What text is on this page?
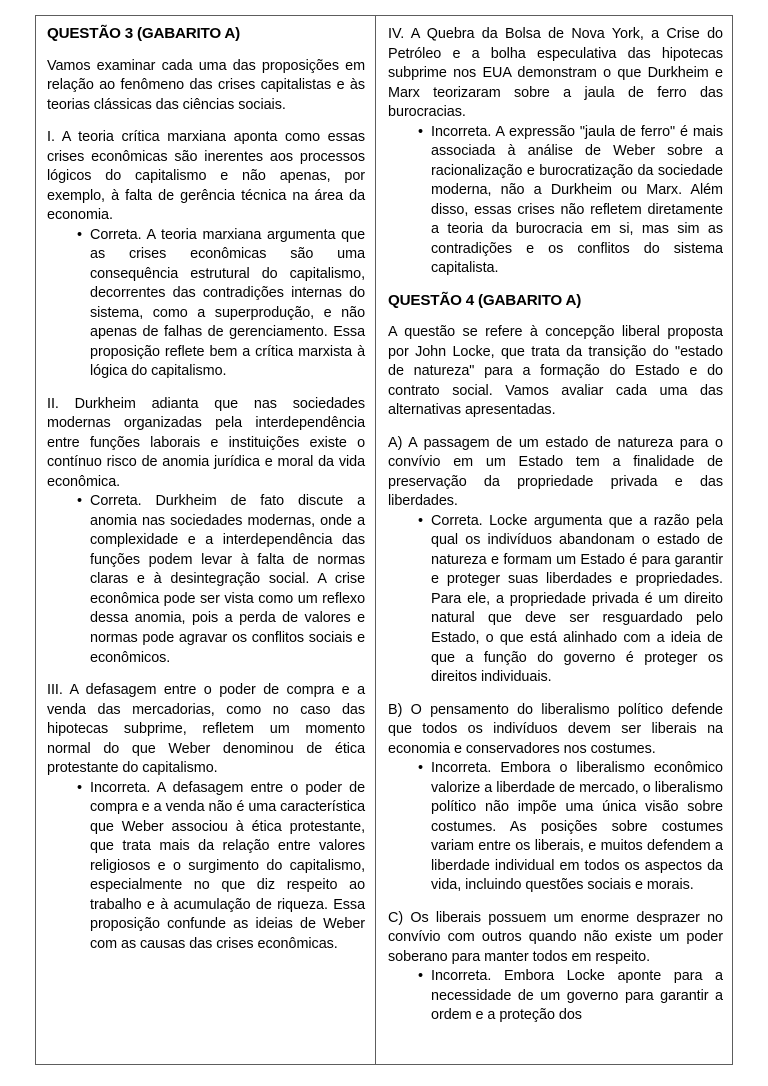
QUESTÃO 3 (GABARITO A)

Vamos examinar cada uma das proposições em relação ao fenômeno das crises capitalistas e às teorias clássicas das ciências sociais.

I. A teoria crítica marxiana aponta como essas crises econômicas são inerentes aos processos lógicos do capitalismo e não apenas, por exemplo, à falta de gerência técnica na área da economia.

• Correta. A teoria marxiana argumenta que as crises econômicas são uma consequência estrutural do capitalismo, decorrentes das contradições internas do sistema, como a superprodução, e não apenas de falhas de gerenciamento. Essa proposição reflete bem a crítica marxista à lógica do capitalismo.

II. Durkheim adianta que nas sociedades modernas organizadas pela interdependência entre funções laborais e instituições existe o contínuo risco de anomia jurídica e moral da vida econômica.

• Correta. Durkheim de fato discute a anomia nas sociedades modernas, onde a complexidade e a interdependência das funções podem levar à falta de normas claras e à desintegração social. A crise econômica pode ser vista como um reflexo dessa anomia, pois a perda de valores e normas pode agravar os conflitos sociais e econômicos.

III. A defasagem entre o poder de compra e a venda das mercadorias, como no caso das hipotecas subprime, refletem um momento normal do que Weber denominou de ética protestante do capitalismo.

• Incorreta. A defasagem entre o poder de compra e a venda não é uma característica que Weber associou à ética protestante, que trata mais da relação entre valores religiosos e o surgimento do capitalismo, especialmente no que diz respeito ao trabalho e à acumulação de riqueza. Essa proposição confunde as ideias de Weber com as causas das crises econômicas.

IV. A Quebra da Bolsa de Nova York, a Crise do Petróleo e a bolha especulativa das hipotecas subprime nos EUA demonstram o que Durkheim e Marx teorizaram sobre a jaula de ferro das burocracias.

• Incorreta. A expressão "jaula de ferro" é mais associada à análise de Weber sobre a racionalização e burocratização da sociedade moderna, não a Durkheim ou Marx. Além disso, essas crises não refletem diretamente a teoria da burocracia em si, mas sim as contradições e os conflitos do sistema capitalista.
QUESTÃO 4 (GABARITO A)

A questão se refere à concepção liberal proposta por John Locke, que trata da transição do "estado de natureza" para a formação do Estado e do contrato social. Vamos avaliar cada uma das alternativas apresentadas.

A) A passagem de um estado de natureza para o convívio em um Estado tem a finalidade de preservação da propriedade privada e das liberdades.

• Correta. Locke argumenta que a razão pela qual os indivíduos abandonam o estado de natureza e formam um Estado é para garantir e proteger suas liberdades e propriedades. Para ele, a propriedade privada é um direito natural que deve ser resguardado pelo Estado, o que está alinhado com a ideia de que a função do governo é proteger os direitos individuais.

B) O pensamento do liberalismo político defende que todos os indivíduos devem ser liberais na economia e conservadores nos costumes.

• Incorreta. Embora o liberalismo econômico valorize a liberdade de mercado, o liberalismo político não impõe uma única visão sobre costumes. As posições sobre costumes variam entre os liberais, e muitos defendem a liberdade individual em todos os aspectos da vida, incluindo questões sociais e morais.

C) Os liberais possuem um enorme desprazer no convívio com outros quando não existe um poder soberano para manter todos em respeito.

• Incorreta. Embora Locke aponte para a necessidade de um governo para garantir a ordem e a proteção dos
